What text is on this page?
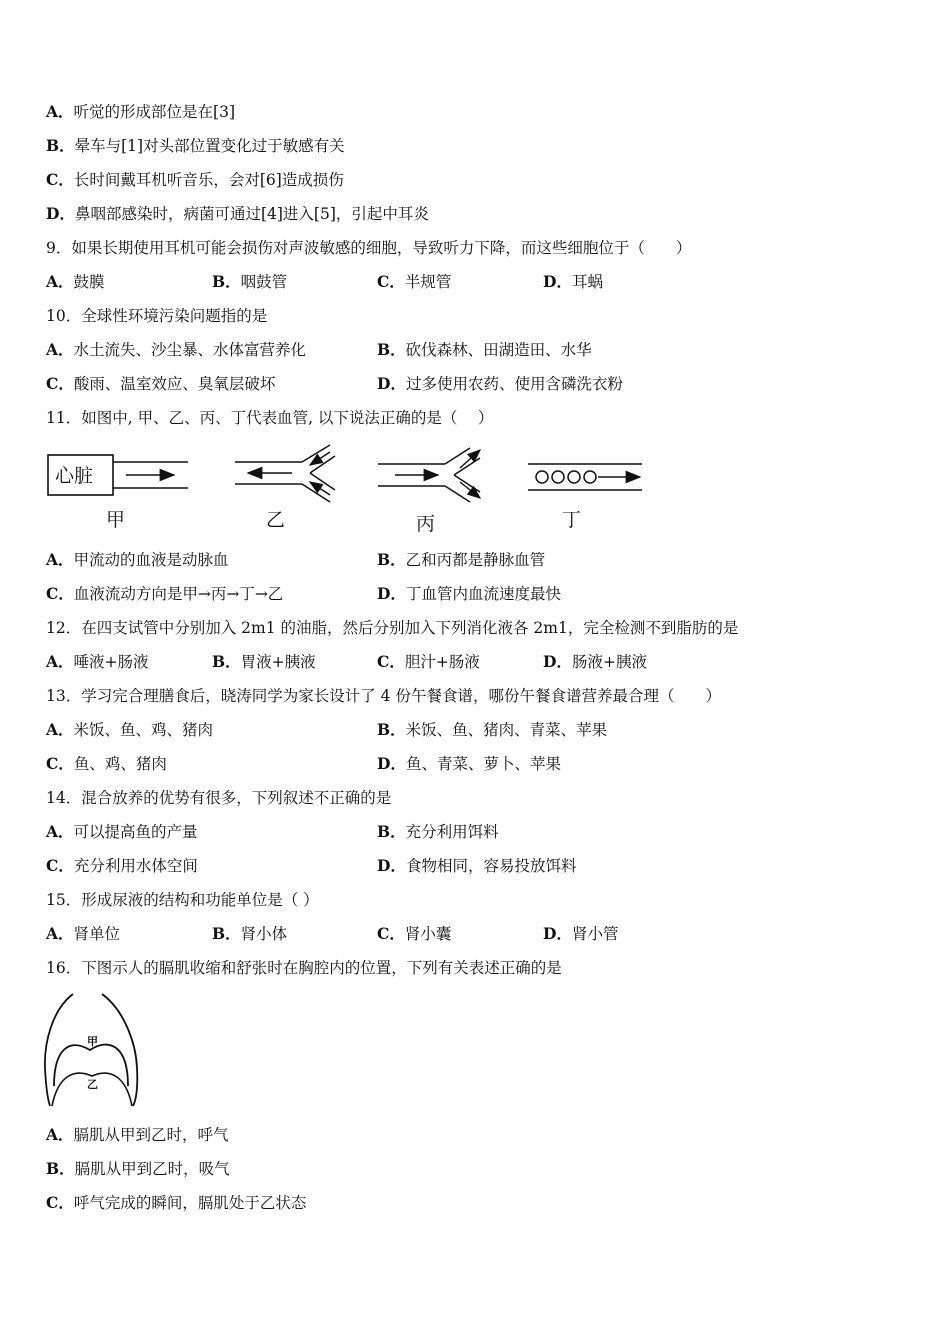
A．听觉的形成部位是在[3]
B．晕车与[1]对头部位置变化过于敏感有关
C．长时间戴耳机听音乐，会对[6]造成损伤
D．鼻咽部感染时，病菌可通过[4]进入[5]，引起中耳炎
9．如果长期使用耳机可能会损伤对声波敏感的细胞，导致听力下降，而这些细胞位于（　　）
A．鼓膜	B．咽鼓管	C．半规管	D．耳蜗
10．全球性环境污染问题指的是
A．水土流失、沙尘暴、水体富营养化	B．砍伐森林、田湖造田、水华
C．酸雨、温室效应、臭氧层破坏	D．过多使用农药、使用含磷洗衣粉
11．如图中, 甲、乙、丙、丁代表血管, 以下说法正确的是（　 ）
心脏
甲	乙	丙	丁
A．甲流动的血液是动脉血	B．乙和丙都是静脉血管
C．血液流动方向是甲→丙→丁→乙	D．丁血管内血流速度最快
12．在四支试管中分别加入 2m1 的油脂，然后分别加入下列消化液各 2m1，完全检测不到脂肪的是
A．唾液+肠液	B．胃液+胰液	C．胆汁+肠液	D．肠液+胰液
13．学习完合理膳食后，晓涛同学为家长设计了 4 份午餐食谱，哪份午餐食谱营养最合理（　　）
A．米饭、鱼、鸡、猪肉	B．米饭、鱼、猪肉、青菜、苹果
C．鱼、鸡、猪肉	D．鱼、青菜、萝卜、苹果
14．混合放养的优势有很多，下列叙述不正确的是
A．可以提高鱼的产量	B．充分利用饵料
C．充分利用水体空间	D．食物相同，容易投放饵料
15．形成尿液的结构和功能单位是（ ）
A．肾单位	B．肾小体	C．肾小囊	D．肾小管
16．下图示人的膈肌收缩和舒张时在胸腔内的位置，下列有关表述正确的是
甲
乙
A．膈肌从甲到乙时，呼气
B．膈肌从甲到乙时，吸气
C．呼气完成的瞬间，膈肌处于乙状态
